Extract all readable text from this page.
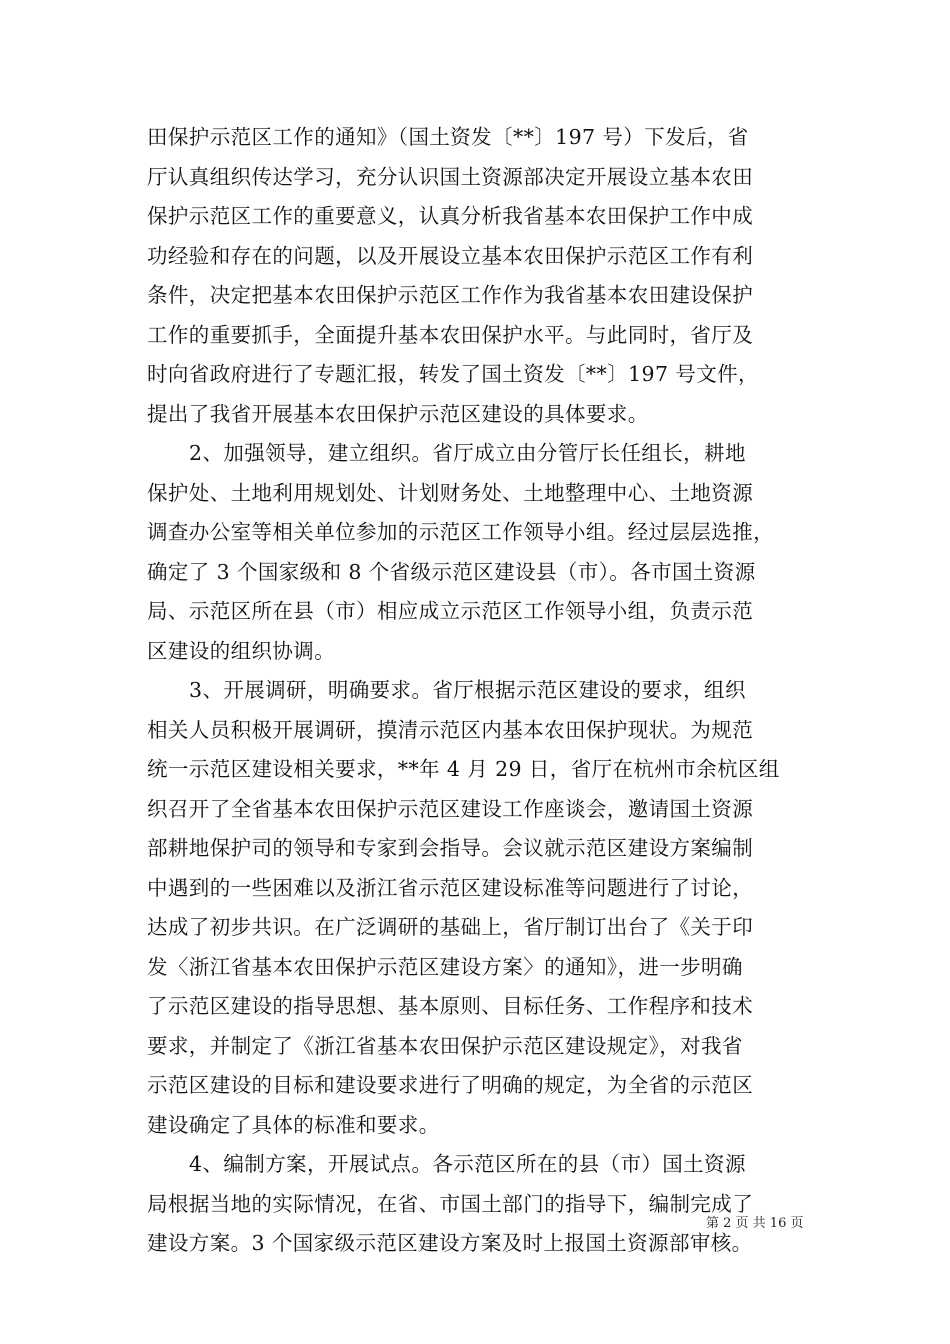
田保护示范区工作的通知》（国土资发〔**〕197 号）下发后，省
厅认真组织传达学习，充分认识国土资源部决定开展设立基本农田
保护示范区工作的重要意义，认真分析我省基本农田保护工作中成
功经验和存在的问题，以及开展设立基本农田保护示范区工作有利
条件，决定把基本农田保护示范区工作作为我省基本农田建设保护
工作的重要抓手，全面提升基本农田保护水平。与此同时，省厅及
时向省政府进行了专题汇报，转发了国土资发〔**〕197 号文件，
提出了我省开展基本农田保护示范区建设的具体要求。
2、加强领导，建立组织。省厅成立由分管厅长任组长，耕地
保护处、土地利用规划处、计划财务处、土地整理中心、土地资源
调查办公室等相关单位参加的示范区工作领导小组。经过层层选推，
确定了 3 个国家级和 8 个省级示范区建设县（市）。各市国土资源
局、示范区所在县（市）相应成立示范区工作领导小组，负责示范
区建设的组织协调。
3、开展调研，明确要求。省厅根据示范区建设的要求，组织
相关人员积极开展调研，摸清示范区内基本农田保护现状。为规范
统一示范区建设相关要求，**年 4 月 29 日，省厅在杭州市余杭区组
织召开了全省基本农田保护示范区建设工作座谈会，邀请国土资源
部耕地保护司的领导和专家到会指导。会议就示范区建设方案编制
中遇到的一些困难以及浙江省示范区建设标准等问题进行了讨论，
达成了初步共识。在广泛调研的基础上，省厅制订出台了《关于印
发〈浙江省基本农田保护示范区建设方案〉的通知》，进一步明确
了示范区建设的指导思想、基本原则、目标任务、工作程序和技术
要求，并制定了《浙江省基本农田保护示范区建设规定》，对我省
示范区建设的目标和建设要求进行了明确的规定，为全省的示范区
建设确定了具体的标准和要求。
4、编制方案，开展试点。各示范区所在的县（市）国土资源
局根据当地的实际情况，在省、市国土部门的指导下，编制完成了
建设方案。3 个国家级示范区建设方案及时上报国土资源部审核。
第 2 页 共 16 页
